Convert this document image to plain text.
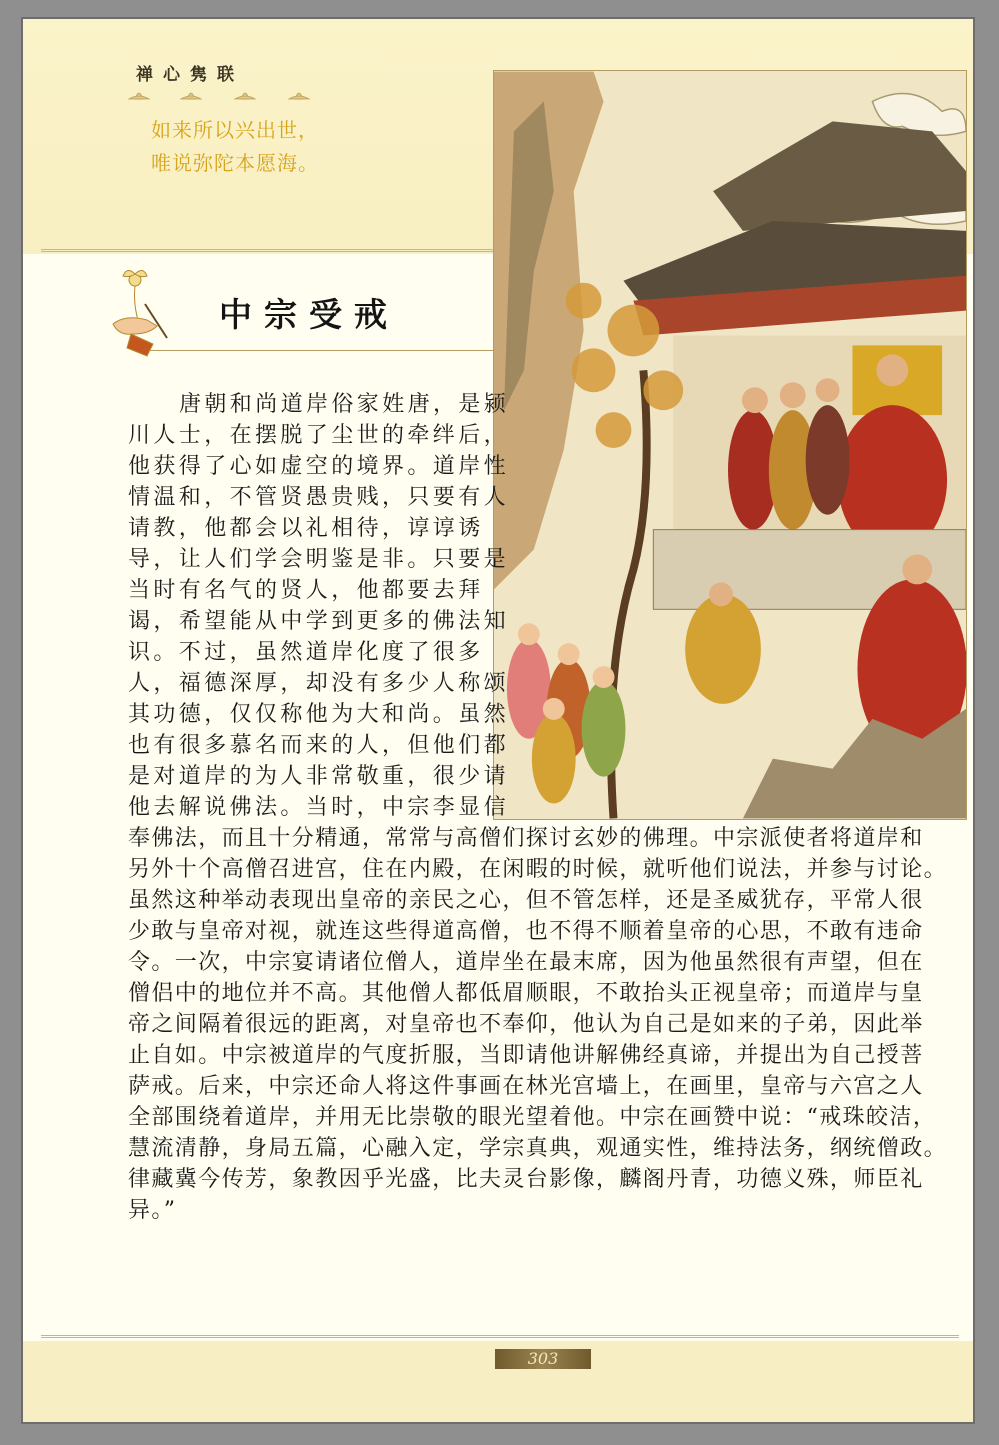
禅心隽联
如来所以兴出世，
唯说弥陀本愿海。
中宗受戒
唐朝和尚道岸俗家姓唐，是颍
川人士，在摆脱了尘世的牵绊后，
他获得了心如虚空的境界。道岸性
情温和，不管贤愚贵贱，只要有人
请教，他都会以礼相待，谆谆诱
导，让人们学会明鉴是非。只要是
当时有名气的贤人，他都要去拜
谒，希望能从中学到更多的佛法知
识。不过，虽然道岸化度了很多
人，福德深厚，却没有多少人称颂
其功德，仅仅称他为大和尚。虽然
也有很多慕名而来的人，但他们都
是对道岸的为人非常敬重，很少请
他去解说佛法。当时，中宗李显信
奉佛法，而且十分精通，常常与高僧们探讨玄妙的佛理。中宗派使者将道岸和
另外十个高僧召进宫，住在内殿，在闲暇的时候，就听他们说法，并参与讨论。
虽然这种举动表现出皇帝的亲民之心，但不管怎样，还是圣威犹存，平常人很
少敢与皇帝对视，就连这些得道高僧，也不得不顺着皇帝的心思，不敢有违命
令。一次，中宗宴请诸位僧人，道岸坐在最末席，因为他虽然很有声望，但在
僧侣中的地位并不高。其他僧人都低眉顺眼，不敢抬头正视皇帝；而道岸与皇
帝之间隔着很远的距离，对皇帝也不奉仰，他认为自己是如来的子弟，因此举
止自如。中宗被道岸的气度折服，当即请他讲解佛经真谛，并提出为自己授菩
萨戒。后来，中宗还命人将这件事画在林光宫墙上，在画里，皇帝与六宫之人
全部围绕着道岸，并用无比崇敬的眼光望着他。中宗在画赞中说：“戒珠皎洁，
慧流清静，身局五篇，心融入定，学宗真典，观通实性，维持法务，纲统僧政。
律藏冀今传芳，象教因乎光盛，比夫灵台影像，麟阁丹青，功德义殊，师臣礼
异。”
303
